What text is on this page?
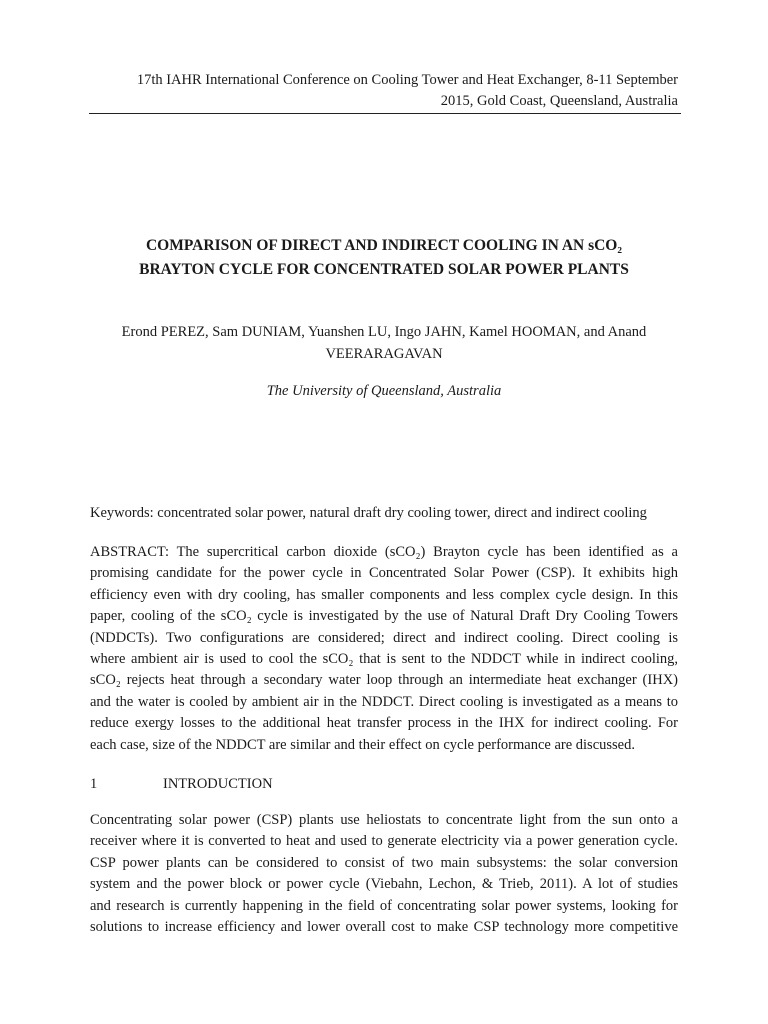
17th IAHR International Conference on Cooling Tower and Heat Exchanger, 8-11 September
2015, Gold Coast, Queensland, Australia
COMPARISON OF DIRECT AND INDIRECT COOLING IN AN sCO₂
BRAYTON CYCLE FOR CONCENTRATED SOLAR POWER PLANTS
Erond PEREZ, Sam DUNIAM, Yuanshen LU, Ingo JAHN, Kamel HOOMAN, and Anand
VEERARAGAVAN
The University of Queensland, Australia
Keywords: concentrated solar power, natural draft dry cooling tower, direct and indirect cooling
ABSTRACT: The supercritical carbon dioxide (sCO₂) Brayton cycle has been identified as a
promising candidate for the power cycle in Concentrated Solar Power (CSP). It exhibits high
efficiency even with dry cooling, has smaller components and less complex cycle design. In this
paper, cooling of the sCO₂ cycle is investigated by the use of Natural Draft Dry Cooling Towers
(NDDCTs). Two configurations are considered; direct and indirect cooling. Direct cooling is
where ambient air is used to cool the sCO₂ that is sent to the NDDCT while in indirect cooling,
sCO₂ rejects heat through a secondary water loop through an intermediate heat exchanger (IHX)
and the water is cooled by ambient air in the NDDCT. Direct cooling is investigated as a means to
reduce exergy losses to the additional heat transfer process in the IHX for indirect cooling. For
each case, size of the NDDCT are similar and their effect on cycle performance are discussed.
1	INTRODUCTION
Concentrating solar power (CSP) plants use heliostats to concentrate light from the sun onto a
receiver where it is converted to heat and used to generate electricity via a power generation cycle.
CSP power plants can be considered to consist of two main subsystems: the solar conversion
system and the power block or power cycle (Viebahn, Lechon, & Trieb, 2011). A lot of studies
and research is currently happening in the field of concentrating solar power systems, looking for
solutions to increase efficiency and lower overall cost to make CSP technology more competitive
